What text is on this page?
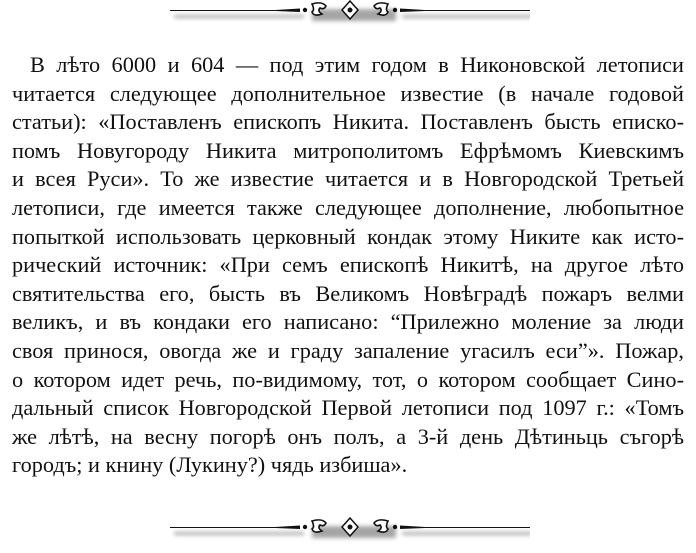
В лѣто 6000 и 604 — под этим годом в Никоновской летописи
читается следующее дополнительное известие (в начале годовой
статьи): «Поставленъ епископъ Никита. Поставленъ бысть еписко-
помъ Новугороду Никита митрополитомъ Ефрѣмомъ Киевскимъ
и всея Руси». То же известие читается и в Новгородской Третьей
летописи, где имеется также следующее дополнение, любопытное
попыткой использовать церковный кондак этому Никите как исто-
рический источник: «При семъ епископѣ Никитѣ, на другое лѣто
святительства его, бысть въ Великомъ Новѣградѣ пожаръ велми
великъ, и въ кондаки его написано: “Прилежно моление за люди
своя принося, овогда же и граду запаление угасилъ еси”». Пожар,
о котором идет речь, по-видимому, тот, о котором сообщает Сино-
дальный список Новгородской Первой летописи под 1097 г.: «Томъ
же лѣтѣ, на весну погорѣ онъ полъ, а 3-й день Дѣтиньць съгорѣ
городъ; и книну (Лукину?) чядь избиша».
